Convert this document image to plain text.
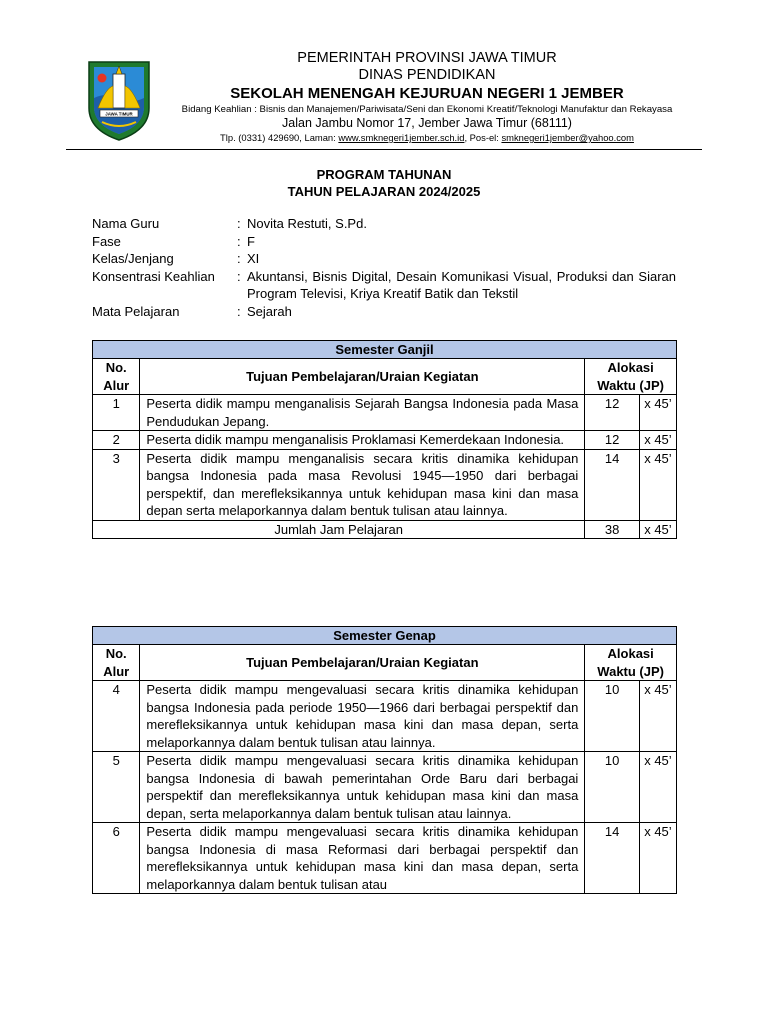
JAWA TIMUR
PEMERINTAH PROVINSI JAWA TIMUR
DINAS PENDIDIKAN
SEKOLAH MENENGAH KEJURUAN NEGERI 1 JEMBER
Bidang Keahlian : Bisnis dan Manajemen/Pariwisata/Seni dan Ekonomi Kreatif/Teknologi Manufaktur dan Rekayasa
Jalan Jambu Nomor 17, Jember Jawa Timur (68111)
Tlp. (0331) 429690, Laman: www.smknegeri1jember.sch.id, Pos-el: smknegeri1jember@yahoo.com
PROGRAM TAHUNAN
TAHUN PELAJARAN 2024/2025
Nama Guru	: Novita Restuti, S.Pd.
Fase	: F
Kelas/Jenjang	: XI
Konsentrasi Keahlian	: Akuntansi, Bisnis Digital, Desain Komunikasi Visual, Produksi dan Siaran Program Televisi, Kriya Kreatif Batik dan Tekstil
Mata Pelajaran	: Sejarah
Semester Ganjil			
No. Alur	Tujuan Pembelajaran/Uraian Kegiatan	Alokasi Waktu (JP)	
1	Peserta didik mampu menganalisis Sejarah Bangsa Indonesia pada Masa Pendudukan Jepang.	12	x 45’
2	Peserta didik mampu menganalisis Proklamasi Kemerdekaan Indonesia.	12	x 45’
3	Peserta didik mampu menganalisis secara kritis dinamika kehidupan bangsa Indonesia pada masa Revolusi 1945—1950 dari berbagai perspektif, dan merefleksikannya untuk kehidupan masa kini dan masa depan serta melaporkannya dalam bentuk tulisan atau lainnya.	14	x 45’
Jumlah Jam Pelajaran		38	x 45’
Semester Genap			
No. Alur	Tujuan Pembelajaran/Uraian Kegiatan	Alokasi Waktu (JP)	
4	Peserta didik mampu mengevaluasi secara kritis dinamika kehidupan bangsa Indonesia pada periode 1950—1966 dari berbagai perspektif dan merefleksikannya untuk kehidupan masa kini dan masa depan, serta melaporkannya dalam bentuk tulisan atau lainnya.	10	x 45’
5	Peserta didik mampu mengevaluasi secara kritis dinamika kehidupan bangsa Indonesia di bawah pemerintahan Orde Baru dari berbagai perspektif dan merefleksikannya untuk kehidupan masa kini dan masa depan, serta melaporkannya dalam bentuk tulisan atau lainnya.	10	x 45’
6	Peserta didik mampu mengevaluasi secara kritis dinamika kehidupan bangsa Indonesia di masa Reformasi dari berbagai perspektif dan merefleksikannya untuk kehidupan masa kini dan masa depan, serta melaporkannya dalam bentuk tulisan atau	14	x 45’
